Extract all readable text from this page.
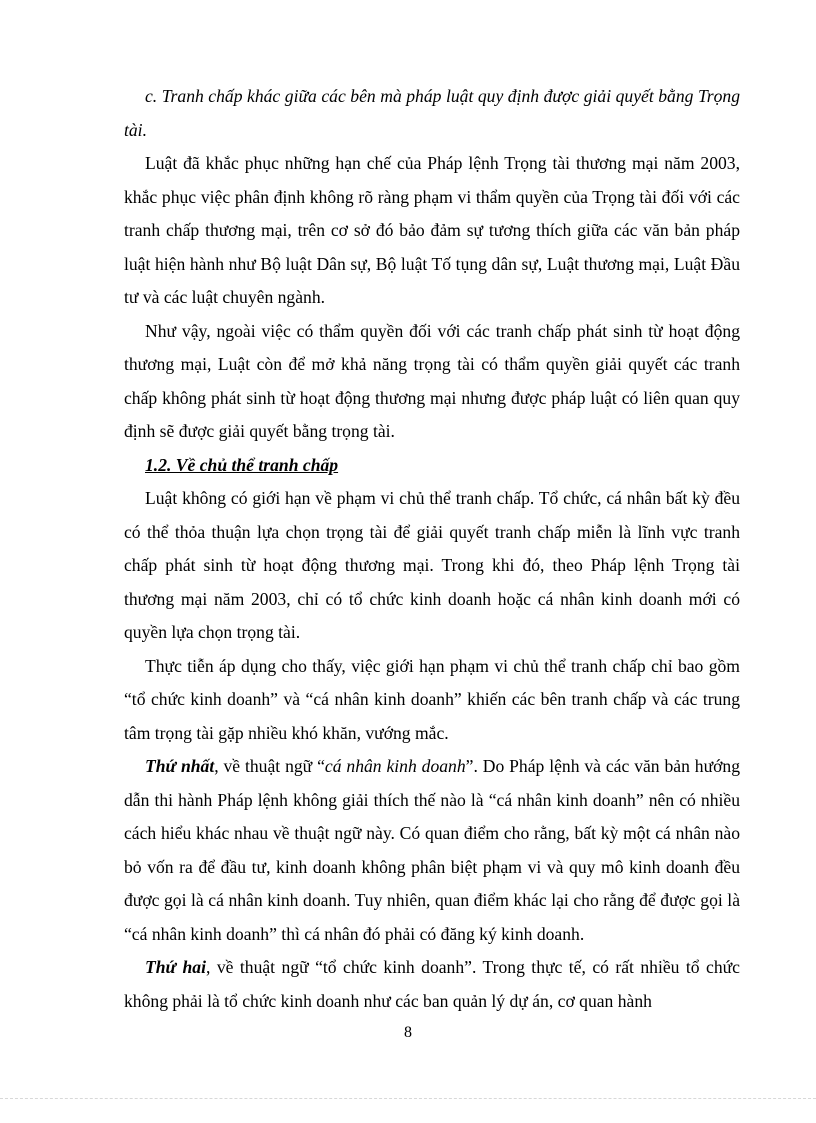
c. Tranh chấp khác giữa các bên mà pháp luật quy định được giải quyết bằng Trọng tài.

Luật đã khắc phục những hạn chế của Pháp lệnh Trọng tài thương mại năm 2003, khắc phục việc phân định không rõ ràng phạm vi thẩm quyền của Trọng tài đối với các tranh chấp thương mại, trên cơ sở đó bảo đảm sự tương thích giữa các văn bản pháp luật hiện hành như Bộ luật Dân sự, Bộ luật Tố tụng dân sự, Luật thương mại, Luật Đầu tư và các luật chuyên ngành.

Như vậy, ngoài việc có thẩm quyền đối với các tranh chấp phát sinh từ hoạt động thương mại, Luật còn để mở khả năng trọng tài có thẩm quyền giải quyết các tranh chấp không phát sinh từ hoạt động thương mại nhưng được pháp luật có liên quan quy định sẽ được giải quyết bằng trọng tài.

1.2. Về chủ thể tranh chấp

Luật không có giới hạn về phạm vi chủ thể tranh chấp. Tổ chức, cá nhân bất kỳ đều có thể thỏa thuận lựa chọn trọng tài để giải quyết tranh chấp miễn là lĩnh vực tranh chấp phát sinh từ hoạt động thương mại. Trong khi đó, theo Pháp lệnh Trọng tài thương mại năm 2003, chỉ có tổ chức kinh doanh hoặc cá nhân kinh doanh mới có quyền lựa chọn trọng tài.

Thực tiễn áp dụng cho thấy, việc giới hạn phạm vi chủ thể tranh chấp chỉ bao gồm “tổ chức kinh doanh” và “cá nhân kinh doanh” khiến các bên tranh chấp và các trung tâm trọng tài gặp nhiều khó khăn, vướng mắc.

Thứ nhất, về thuật ngữ “cá nhân kinh doanh”. Do Pháp lệnh và các văn bản hướng dẫn thi hành Pháp lệnh không giải thích thế nào là “cá nhân kinh doanh” nên có nhiều cách hiểu khác nhau về thuật ngữ này. Có quan điểm cho rằng, bất kỳ một cá nhân nào bỏ vốn ra để đầu tư, kinh doanh không phân biệt phạm vi và quy mô kinh doanh đều được gọi là cá nhân kinh doanh. Tuy nhiên, quan điểm khác lại cho rằng để được gọi là “cá nhân kinh doanh” thì cá nhân đó phải có đăng ký kinh doanh.

Thứ hai, về thuật ngữ “tổ chức kinh doanh”. Trong thực tế, có rất nhiều tổ chức không phải là tổ chức kinh doanh như các ban quản lý dự án, cơ quan hành

8
